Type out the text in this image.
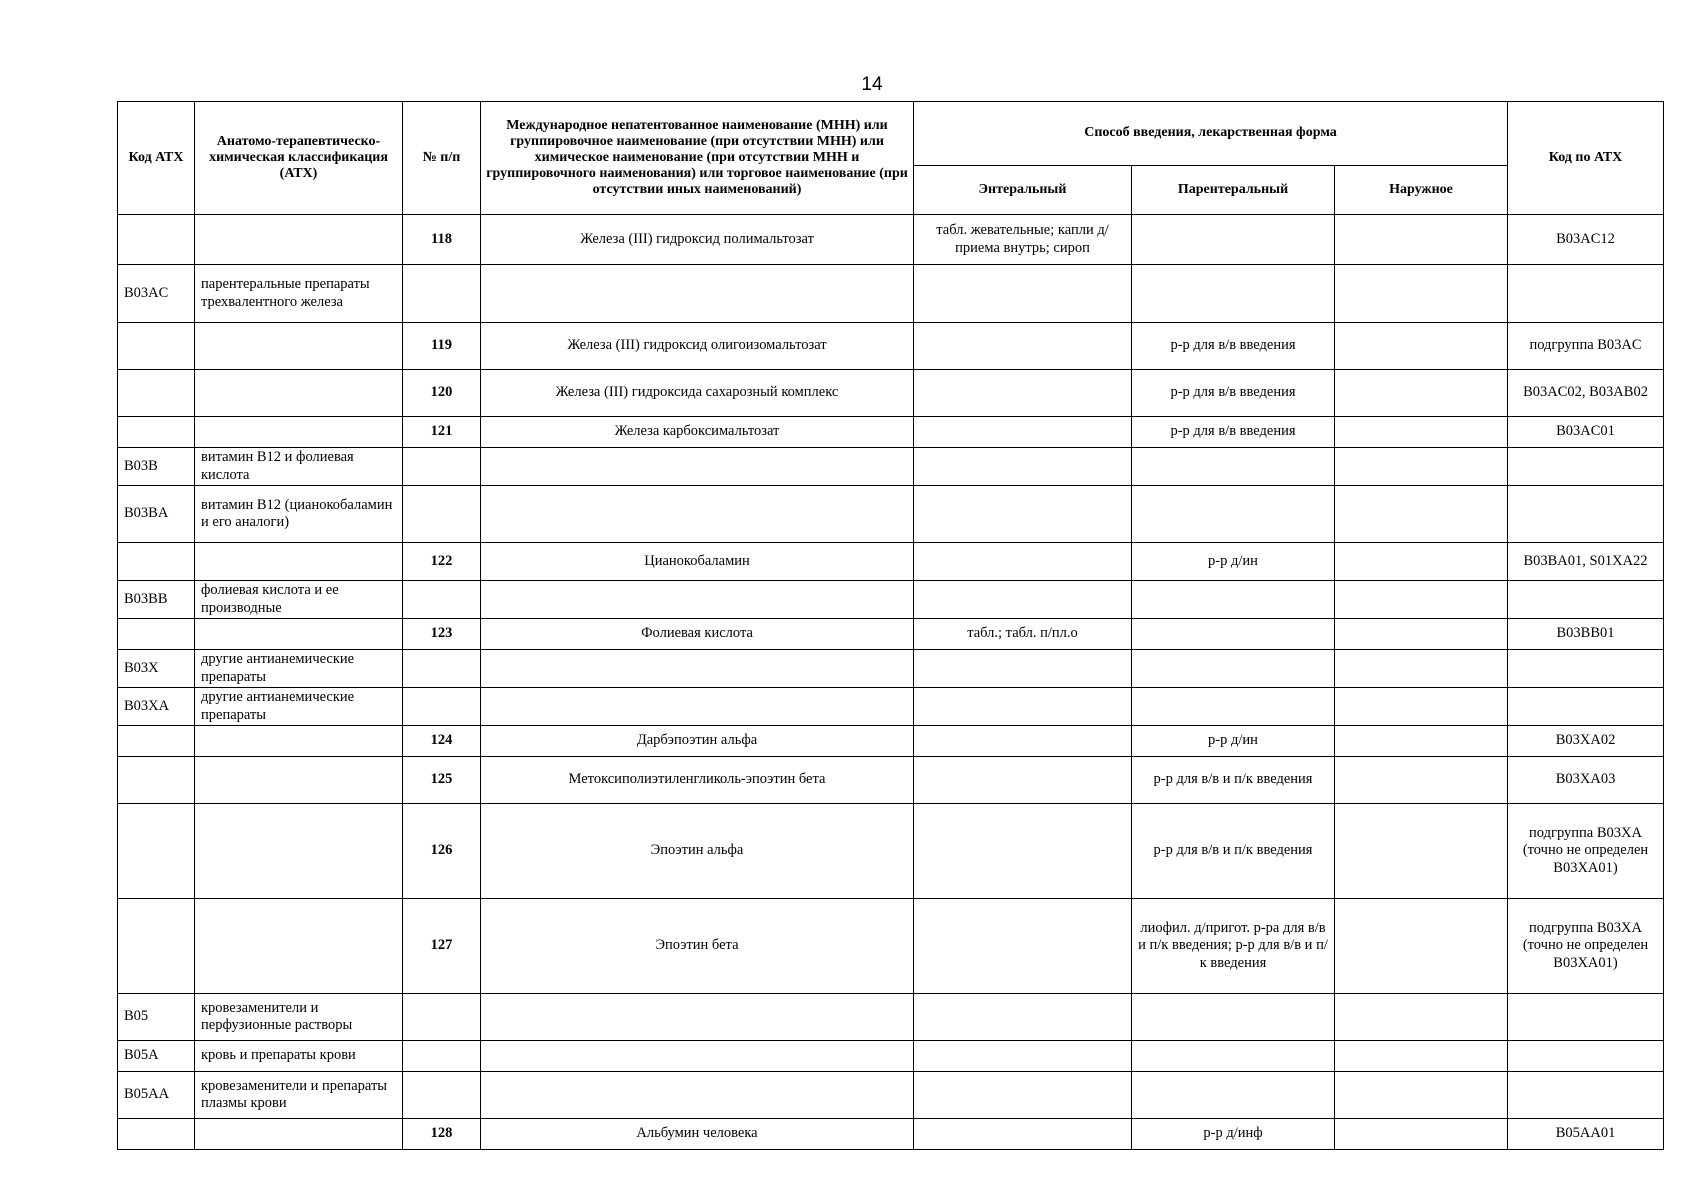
14
Код АТХ	Анатомо-терапевтическо-химическая классификация (АТХ)	№ п/п	Международное непатентованное наименование (МНН) или группировочное наименование (при отсутствии МНН) или химическое наименование (при отсутствии МНН и группировочного наименования) или торговое наименование (при отсутствии иных наименований)	Способ введения, лекарственная форма			Код по АТХ
				Энтеральный	Парентеральный	Наружное	
		118	Железа (III) гидроксид полимальтозат	табл. жевательные; капли д/приема внутрь; сироп			B03AC12
B03AC	парентеральные препараты трехвалентного железа						
		119	Железа (III) гидроксид олигоизомальтозат		р-р для в/в введения		подгруппа B03AC
		120	Железа (III) гидроксида сахарозный комплекс		р-р для в/в введения		B03AC02, B03AB02
		121	Железа карбоксимальтозат		р-р для в/в введения		B03AC01
B03B	витамин B12 и фолиевая кислота						
B03BA	витамин B12 (цианокобаламин и его аналоги)						
		122	Цианокобаламин		р-р д/ин		B03BA01, S01XA22
B03BB	фолиевая кислота и ее производные						
		123	Фолиевая кислота	табл.; табл. п/пл.о			B03BB01
B03X	другие антианемические препараты						
B03XA	другие антианемические препараты						
		124	Дарбэпоэтин альфа		р-р д/ин		B03XA02
		125	Метоксиполиэтиленгликоль-эпоэтин бета		р-р для в/в и п/к введения		B03XA03
		126	Эпоэтин альфа		р-р для в/в и п/к введения		подгруппа B03XA (точно не определен B03XA01)
		127	Эпоэтин бета		лиофил. д/пригот. р-ра для в/в и п/к введения; р-р для в/в и п/к введения		подгруппа B03XA (точно не определен B03XA01)
B05	кровезаменители и перфузионные растворы						
B05A	кровь и препараты крови						
B05AA	кровезаменители и препараты плазмы крови						
		128	Альбумин человека		р-р д/инф		B05AA01
